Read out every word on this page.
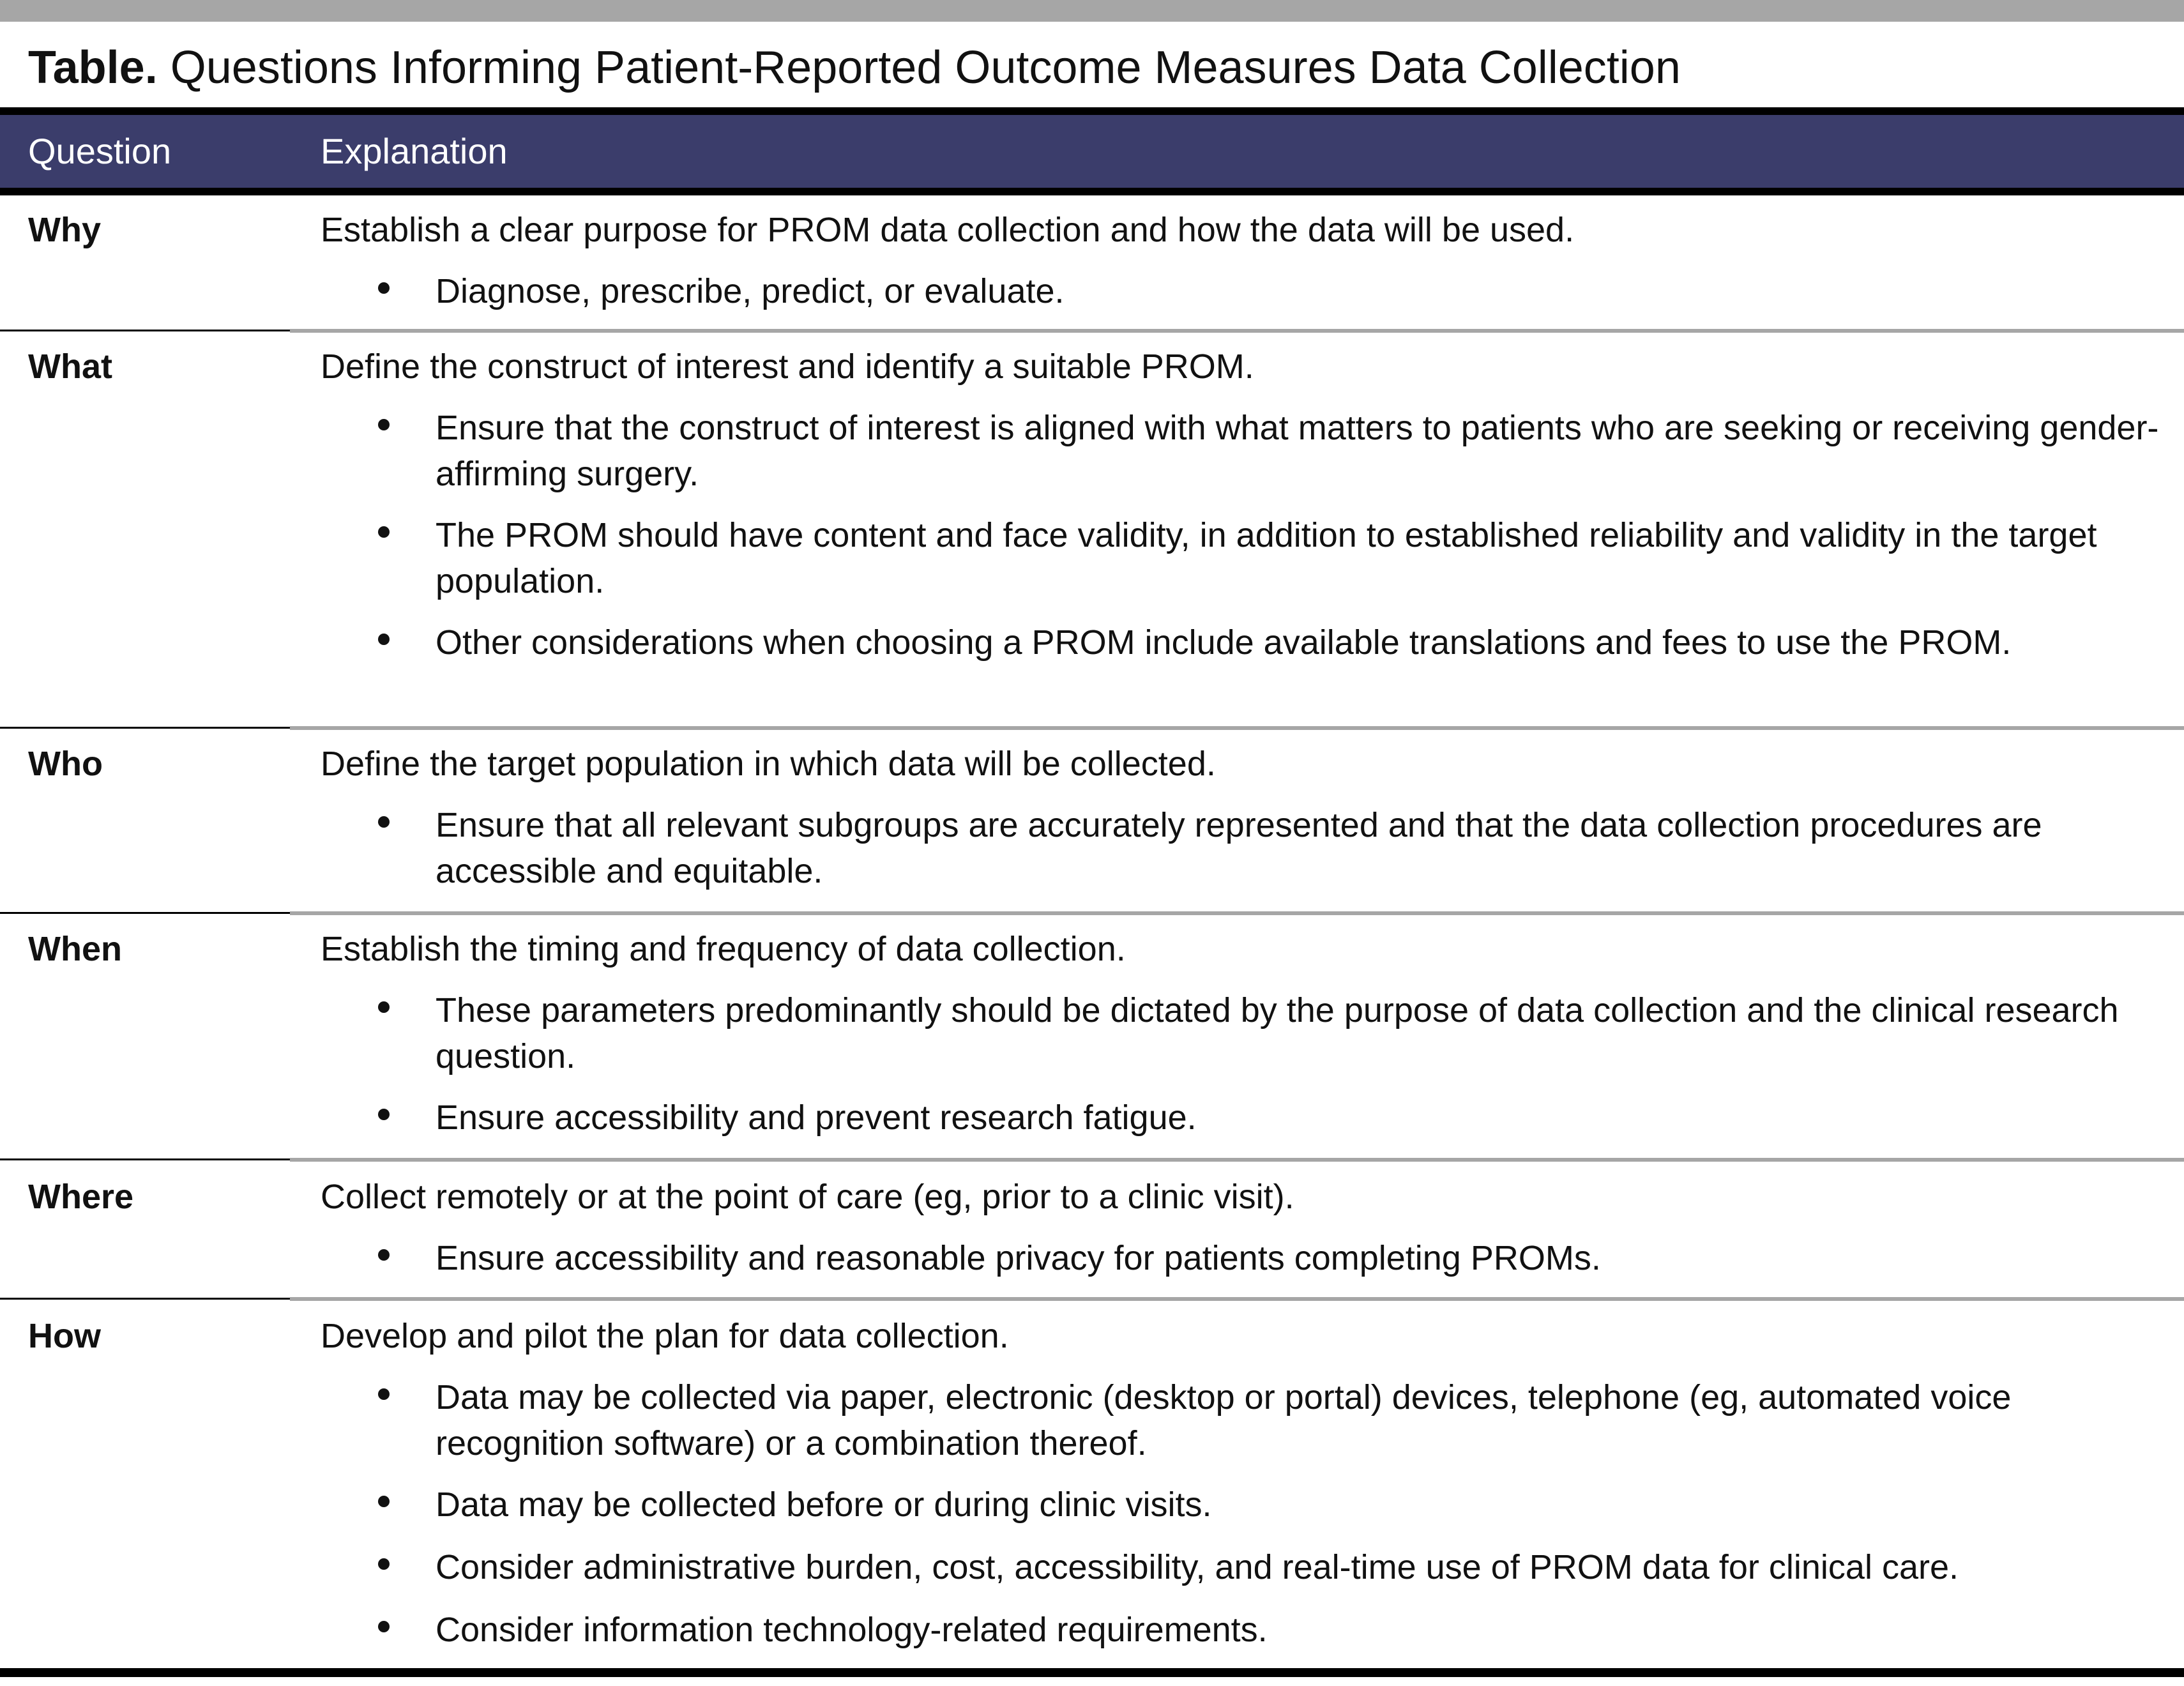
Table. Questions Informing Patient-Reported Outcome Measures Data Collection
Question	Explanation
Why	Establish a clear purpose for PROM data collection and how the data will be used.
Diagnose, prescribe, predict, or evaluate.
What	Define the construct of interest and identify a suitable PROM.
Ensure that the construct of interest is aligned with what matters to patients who are seeking or receiving gender-affirming surgery.
The PROM should have content and face validity, in addition to established reliability and validity in the target population.
Other considerations when choosing a PROM include available translations and fees to use the PROM.
Who	Define the target population in which data will be collected.
Ensure that all relevant subgroups are accurately represented and that the data collection procedures are accessible and equitable.
When	Establish the timing and frequency of data collection.
These parameters predominantly should be dictated by the purpose of data collection and the clinical research question.
Ensure accessibility and prevent research fatigue.
Where	Collect remotely or at the point of care (eg, prior to a clinic visit).
Ensure accessibility and reasonable privacy for patients completing PROMs.
How	Develop and pilot the plan for data collection.
Data may be collected via paper, electronic (desktop or portal) devices, telephone (eg, automated voice recognition software) or a combination thereof.
Data may be collected before or during clinic visits.
Consider administrative burden, cost, accessibility, and real-time use of PROM data for clinical care.
Consider information technology-related requirements.
